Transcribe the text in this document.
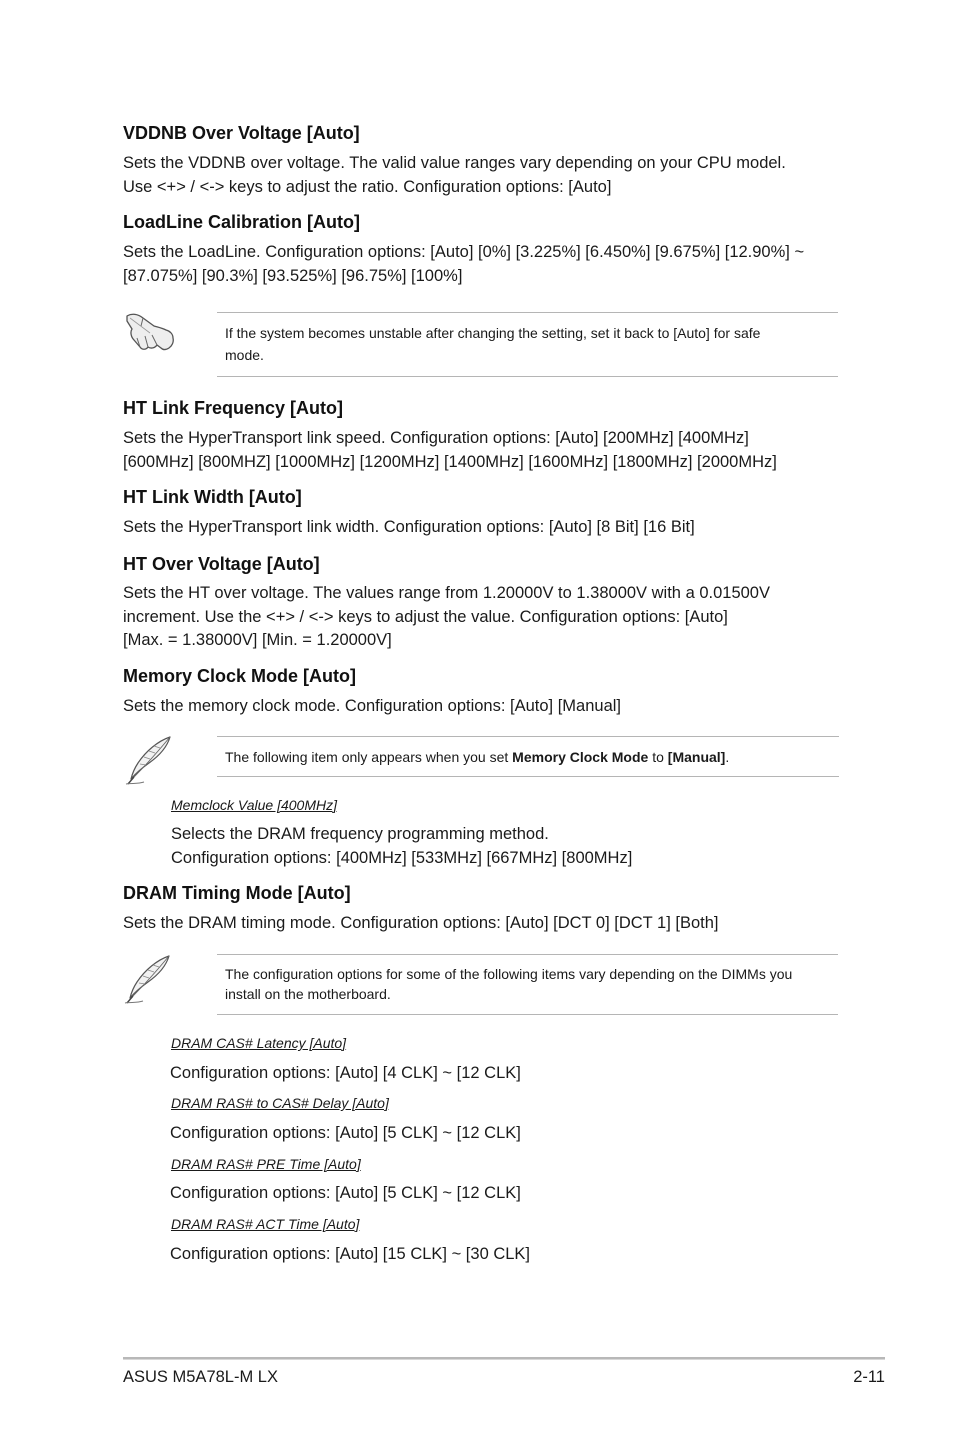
VDDNB Over Voltage [Auto]
Sets the VDDNB over voltage. The valid value ranges vary depending on your CPU model.
Use <+> / <-> keys to adjust the ratio. Configuration options: [Auto]
LoadLine Calibration [Auto]
Sets the LoadLine. Configuration options: [Auto] [0%] [3.225%] [6.450%] [9.675%] [12.90%] ~
[87.075%] [90.3%] [93.525%] [96.75%] [100%]
If the system becomes unstable after changing the setting, set it back to [Auto] for safe
mode.
HT Link Frequency [Auto]
Sets the HyperTransport link speed. Configuration options: [Auto] [200MHz] [400MHz]
[600MHz] [800MHZ] [1000MHz] [1200MHz] [1400MHz] [1600MHz] [1800MHz] [2000MHz]
HT Link Width [Auto]
Sets the HyperTransport link width. Configuration options: [Auto] [8 Bit] [16 Bit]
HT Over Voltage [Auto]
Sets the HT over voltage. The values range from 1.20000V to 1.38000V with a 0.01500V
increment. Use the <+> / <-> keys to adjust the value. Configuration options: [Auto]
[Max. = 1.38000V] [Min. = 1.20000V]
Memory Clock Mode [Auto]
Sets the memory clock mode. Configuration options: [Auto] [Manual]
The following item only appears when you set Memory Clock Mode to [Manual].
Memclock Value [400MHz]
Selects the DRAM frequency programming method.
Configuration options: [400MHz] [533MHz] [667MHz] [800MHz]
DRAM Timing Mode [Auto]
Sets the DRAM timing mode. Configuration options: [Auto] [DCT 0] [DCT 1] [Both]
The configuration options for some of the following items vary depending on the DIMMs you
install on the motherboard.
DRAM CAS# Latency [Auto]
Configuration options: [Auto] [4 CLK] ~ [12 CLK]
DRAM RAS# to CAS# Delay [Auto]
Configuration options: [Auto] [5 CLK] ~ [12 CLK]
DRAM RAS# PRE Time [Auto]
Configuration options: [Auto] [5 CLK] ~ [12 CLK]
DRAM RAS# ACT Time [Auto]
Configuration options: [Auto] [15 CLK] ~ [30 CLK]
ASUS M5A78L-M LX	2-11
